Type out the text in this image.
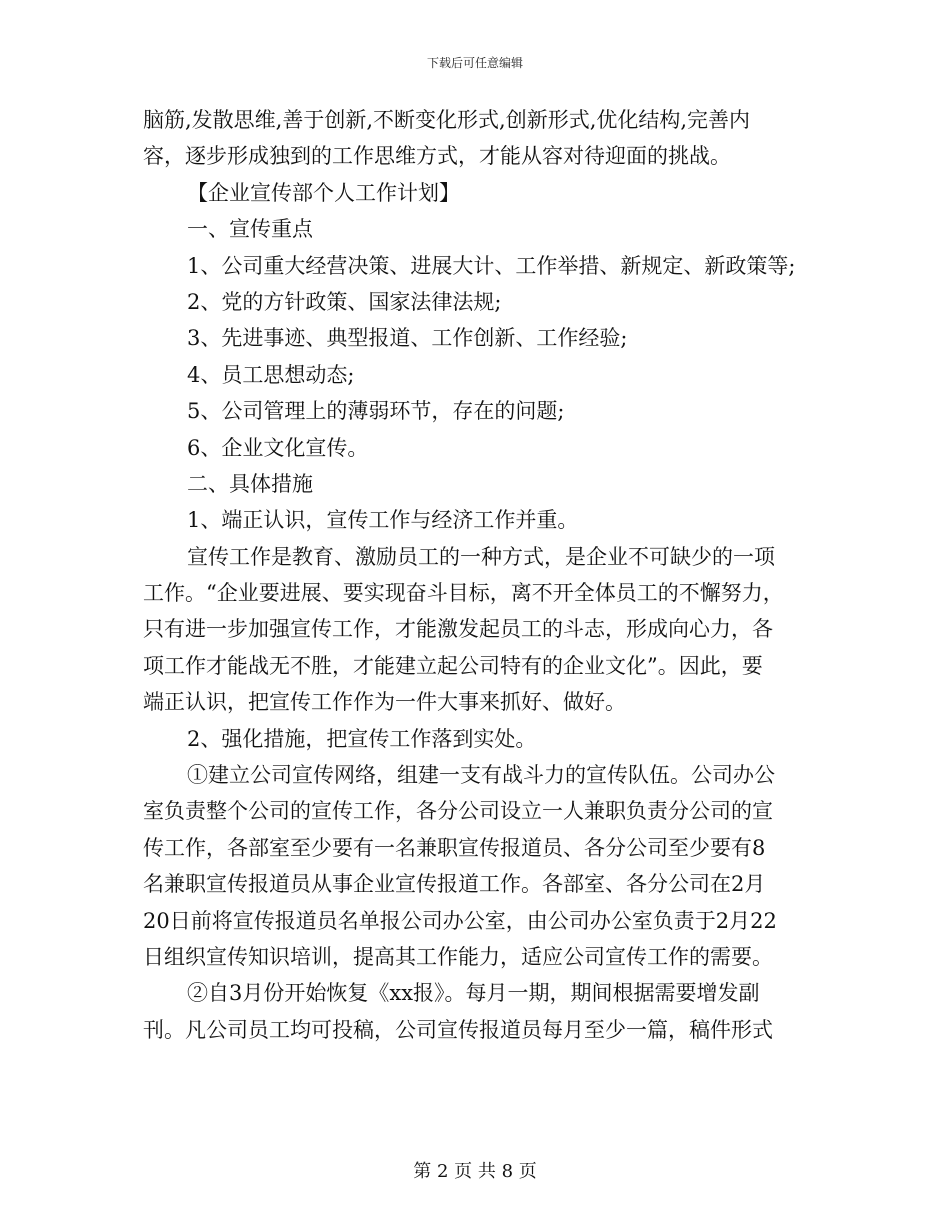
下载后可任意编辑
脑筋,发散思维,善于创新,不断变化形式,创新形式,优化结构,完善内
容，逐步形成独到的工作思维方式，才能从容对待迎面的挑战。
【企业宣传部个人工作计划】
一、宣传重点
1、公司重大经营决策、进展大计、工作举措、新规定、新政策等;
2、党的方针政策、国家法律法规;
3、先进事迹、典型报道、工作创新、工作经验;
4、员工思想动态;
5、公司管理上的薄弱环节，存在的问题;
6、企业文化宣传。
二、具体措施
1、端正认识，宣传工作与经济工作并重。
宣传工作是教育、激励员工的一种方式，是企业不可缺少的一项
工作。“企业要进展、要实现奋斗目标，离不开全体员工的不懈努力，
只有进一步加强宣传工作，才能激发起员工的斗志，形成向心力，各
项工作才能战无不胜，才能建立起公司特有的企业文化”。因此，要
端正认识，把宣传工作作为一件大事来抓好、做好。
2、强化措施，把宣传工作落到实处。
①建立公司宣传网络，组建一支有战斗力的宣传队伍。公司办公
室负责整个公司的宣传工作，各分公司设立一人兼职负责分公司的宣
传工作，各部室至少要有一名兼职宣传报道员、各分公司至少要有8
名兼职宣传报道员从事企业宣传报道工作。各部室、各分公司在2月
20日前将宣传报道员名单报公司办公室，由公司办公室负责于2月22
日组织宣传知识培训，提高其工作能力，适应公司宣传工作的需要。
②自3月份开始恢复《xx报》。每月一期，期间根据需要增发副
刊。凡公司员工均可投稿，公司宣传报道员每月至少一篇，稿件形式
第 2 页 共 8 页
